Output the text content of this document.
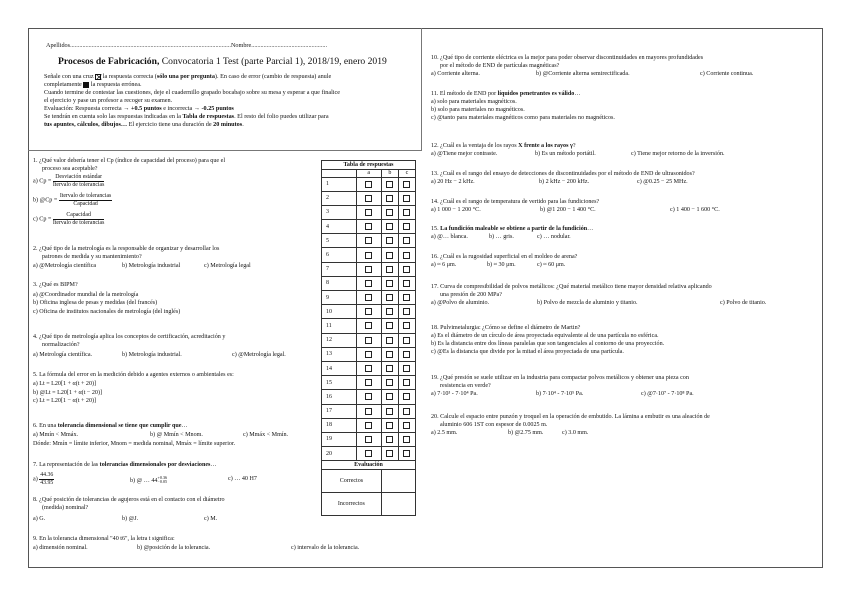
Apellidos........................................................................................................Nombre.................................................
Procesos de Fabricación, Convocatoria 1 Test (parte Parcial 1), 2018/19, enero 2019
Señale con una cruz
la respuesta correcta (sólo una por pregunta). En caso de error (cambio de respuesta) anule
completamente  la respuesta errónea.
Cuando termine de contestar las cuestiones, deje el cuadernillo grapado bocabajo sobre su mesa y esperar a que finalice
el ejercicio y pase un profesor a recoger su examen.
Evaluación: Respuesta correcta → +0.5 puntos e incorrecta → -0.25 puntos
Se tendrán en cuenta solo las respuestas indicadas en la Tabla de respuestas. El resto del folio puedes utilizar para
tus apuntes, cálculos, dibujos… El ejercicio tiene una duración de 20 minutos.
1. ¿Qué valor debería tener el Cp (índice de capacidad del proceso) para que el
proceso sea aceptable?
a) $Cp = \frac{\text{Desviación estándar}}{\text{Itervalo de tolerancias}}$
b) @Cp = $\frac{\text{Itervalo de tolerancias}}{\text{Capacidad}}$
c) $Cp = \frac{\text{Capacidad}}{\text{Itervalo de tolerancias}}$
2. ¿Qué tipo de la metrología es la responsable de organizar y desarrollar los
patrones de medida y su mantenimiento?
a) @Metrología científica	b) Metrología industrial	c) Metrología legal
3. ¿Qué es BIPM?
a) @Coordinador mundial de la metrología
b) Oficina inglesa de pesas y medidas (del francés)
c) Oficina de institutos nacionales de metrología (del inglés)
4. ¿Qué tipo de metrología aplica los conceptos de certificación, acreditación y
normalización?
a) Metrología científica.	b) Metrología industrial.	c) @Metrología legal.
5. La fórmula del error en la medición debido a agentes externos o ambientales es:
a) Lt = L20[1 + α(t + 20)]
b) @Lt = L20[1 + α(t − 20)]
c) Lt = L20[1 − α(t + 20)]
6. En una tolerancia dimensional se tiene que cumplir que…
a) Mmín < Mmáx.	b) @ Mmín < Mnom.	c) Mmáx < Mmín.
Dónde: Mmín = límite inferior, Mnom = medida nominal, Mmáx = límite superior.
7. La representación de las tolerancias dimensionales por desviaciones…
$a) \frac{44.36}{43.95}$	b) @ … 44
+0.36
−0.05	c) … 40 H7
8. ¿Qué posición de tolerancias de agujeros está en el contacto con el diámetro
(medida) nominal?
a) G.	b) @J.	c) M.
9. En la tolerancia dimensional "40 t6", la letra t significa:
a) dimensión nominal.	b) @posición de la tolerancia.	c) intervalo de la tolerancia.
Tabla de respuestas			
	a	b	c
1			
2			
3			
4			
5			
6			
7			
8			
9			
10			
11			
12			
13			
14			
15			
16			
17			
18			
19			
20			
Evaluación			
Correctos			
Incorrectos			
10. ¿Qué tipo de corriente eléctrica es la mejor para poder observar discontinuidades en mayores profundidades
por el método de END de partículas magnéticas?
a) Corriente alterna.	b) @Corriente alterna semirectificada.	c) Corriente continua.
11. El método de END por líquidos penetrantes es válido…
a) solo para materiales magnéticos.
b) solo para materiales no magnéticos.
c) @tanto para materiales magnéticos como para materiales no magnéticos.
12. ¿Cuál es la ventaja de los rayos X frente a los rayos γ?
a) @Tiene mejor contraste.	b) Es un método portátil.	c) Tiene mejor retorno de la inversión.
13. ¿Cuál es el rango del ensayo de detecciones de discontinuidades por el método de END de ultrasonidos?
a) 20 Hz − 2 kHz.	b) 2 kHz − 200 kHz.	c) @0.25 − 25 MHz.
14. ¿Cuál es el rango de temperatura de vertido para las fundiciones?
a) 1 000 − 1 200 °C.	b) @1 200 − 1 400 °C.	c) 1 400 − 1 600 °C.
15. La fundición maleable se obtiene a partir de la fundición…
a) @… blanca.	b) … gris.	c) … nodular.
16. ¿Cuál es la rugosidad superficial en el moldeo de arena?
a) ≈ 6 μm.	b) ≈ 30 μm.	c) ≈ 60 μm.
17. Curva de compresibilidad de polvos metálicos: ¿Qué material metálico tiene mayor densidad relativa aplicando
una presión de 200 MPa?
a) @Polvo de aluminio.	b) Polvo de mezcla de aluminio y titanio.	c) Polvo de titanio.
18. Pulvimetalurgia: ¿Cómo se define el diámetro de Martin?
a) Es el diámetro de un círculo de área proyectada equivalente al de una partícula no esférica.
b) Es la distancia entre dos líneas paralelas que son tangenciales al contorno de una proyección.
c) @Es la distancia que divide por la mitad el área proyectada de una partícula.
19. ¿Qué presión se suele utilizar en la industria para compactar polvos metálicos y obtener una pieza con
resistencia en verde?
a) 7·10³ - 7·10⁴ Pa.	b) 7·10⁴ - 7·10⁵ Pa.	c) @7·10⁷ - 7·10⁸ Pa.
20. Calcule el espacio entre punzón y troquel en la operación de embutido. La lámina a embutir es una aleación de
aluminio 606 1ST con espesor de 0.0025 m.
a) 2.5 mm.	b) @2.75 mm.	c) 3.0 mm.
